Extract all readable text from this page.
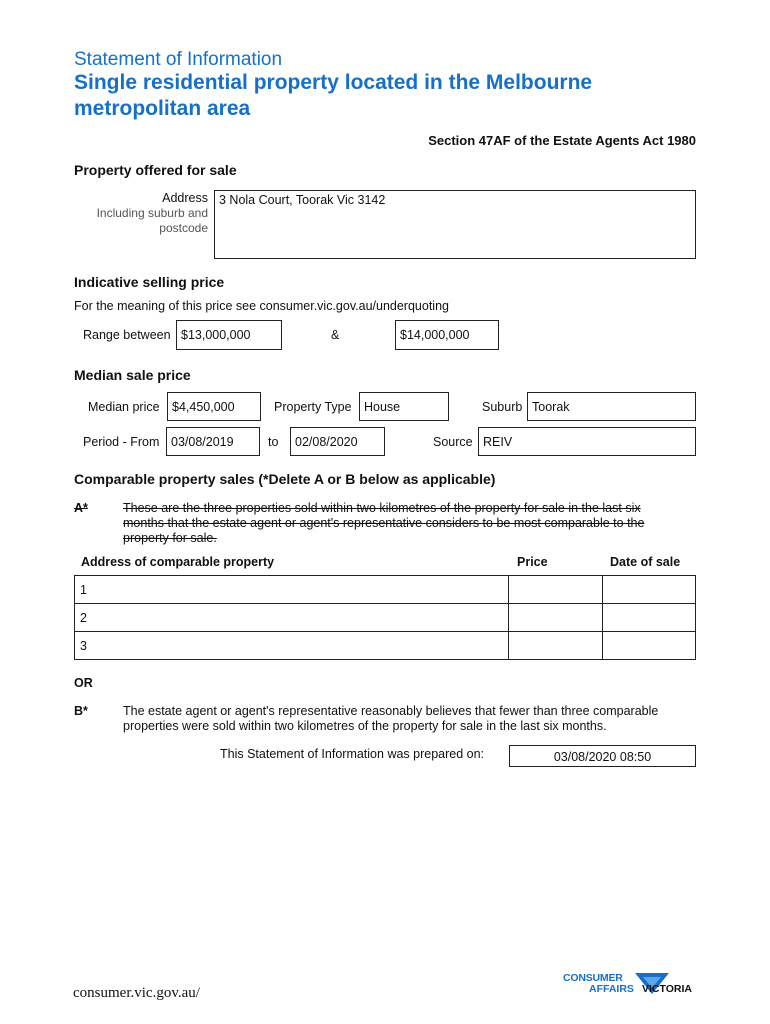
Statement of Information
Single residential property located in the Melbourne
metropolitan area
Section 47AF of the Estate Agents Act 1980
Property offered for sale
Address
Including suburb and
postcode
3 Nola Court, Toorak Vic 3142
Indicative selling price
For the meaning of this price see consumer.vic.gov.au/underquoting
Range between $13,000,000	&	$14,000,000
Median sale price
Median price $4,450,000	Property Type House	Suburb Toorak
Period - From 03/08/2019	to	02/08/2020	Source REIV
Comparable property sales (*Delete A or B below as applicable)
A*	These are the three properties sold within two kilometres of the property for sale in the last six
months that the estate agent or agent's representative considers to be most comparable to the
property for sale.
Address of comparable property	Price	Date of sale
1		
2		
3		
OR
B*	The estate agent or agent's representative reasonably believes that fewer than three comparable
properties were sold within two kilometres of the property for sale in the last six months.
This Statement of Information was prepared on:	03/08/2020 08:50
consumer.vic.gov.au/
CONSUMER
AFFAIRS VICTORIA
